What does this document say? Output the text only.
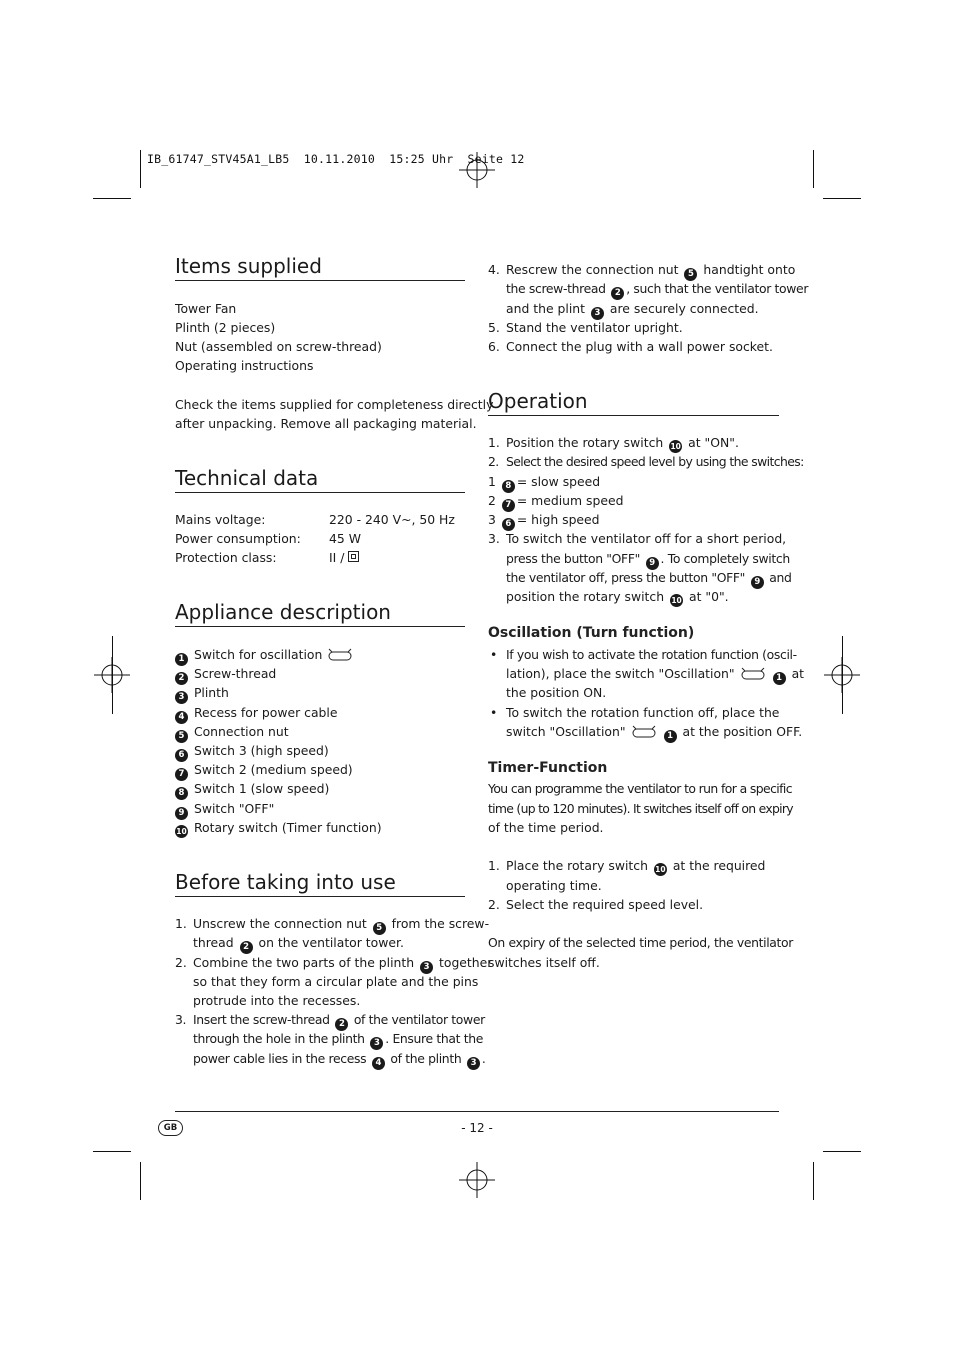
IB_61747_STV45A1_LB5  10.11.2010  15:25 Uhr  Seite 12
Items supplied
Tower Fan
Plinth (2 pieces)
Nut (assembled on screw-thread)
Operating instructions
Check the items supplied for completeness directly
after unpacking. Remove all packaging material.
Technical data
Mains voltage:	220 - 240 V~, 50 Hz
Power consumption: 45 W
Protection class:	II /
Appliance description
1 Switch for oscillation
2 Screw-thread
3 Plinth
4 Recess for power cable
5 Connection nut
6 Switch 3 (high speed)
7 Switch 2 (medium speed)
8 Switch 1 (slow speed)
9 Switch "OFF"
10 Rotary switch (Timer function)
Before taking into use
1. Unscrew the connection nut 5 from the screw-
thread 2 on the ventilator tower.
2. Combine the two parts of the plinth 3 together
so that they form a circular plate and the pins
protrude into the recesses.
3. Insert the screw-thread 2 of the ventilator tower
through the hole in the plinth 3 . Ensure that the
power cable lies in the recess 4 of the plinth 3 .
4. Rescrew the connection nut 5 handtight onto
the screw-thread 2 , such that the ventilator tower
and the plint 3 are securely connected.
5. Stand the ventilator upright.
6. Connect the plug with a wall power socket.
Operation
1. Position the rotary switch 10 at "ON".
2. Select the desired speed level by using the switches:
1 8 = slow speed
2 7 = medium speed
3 6 = high speed
3. To switch the ventilator off for a short period,
press the button "OFF" 9 . To completely switch
the ventilator off, press the button "OFF" 9 and
position the rotary switch 10 at "0".
Oscillation (Turn function)
• If you wish to activate the rotation function (oscil-
lation), place the switch "Oscillation"	1 at
the position ON.
• To switch the rotation function off, place the
switch "Oscillation"	1 at the position OFF.
Timer-Function
You can programme the ventilator to run for a specific
time (up to 120 minutes). It switches itself off on expiry
of the time period.
1. Place the rotary switch 10 at the required
operating time.
2. Select the required speed level.
On expiry of the selected time period, the ventilator
switches itself off.
GB	- 12 -
